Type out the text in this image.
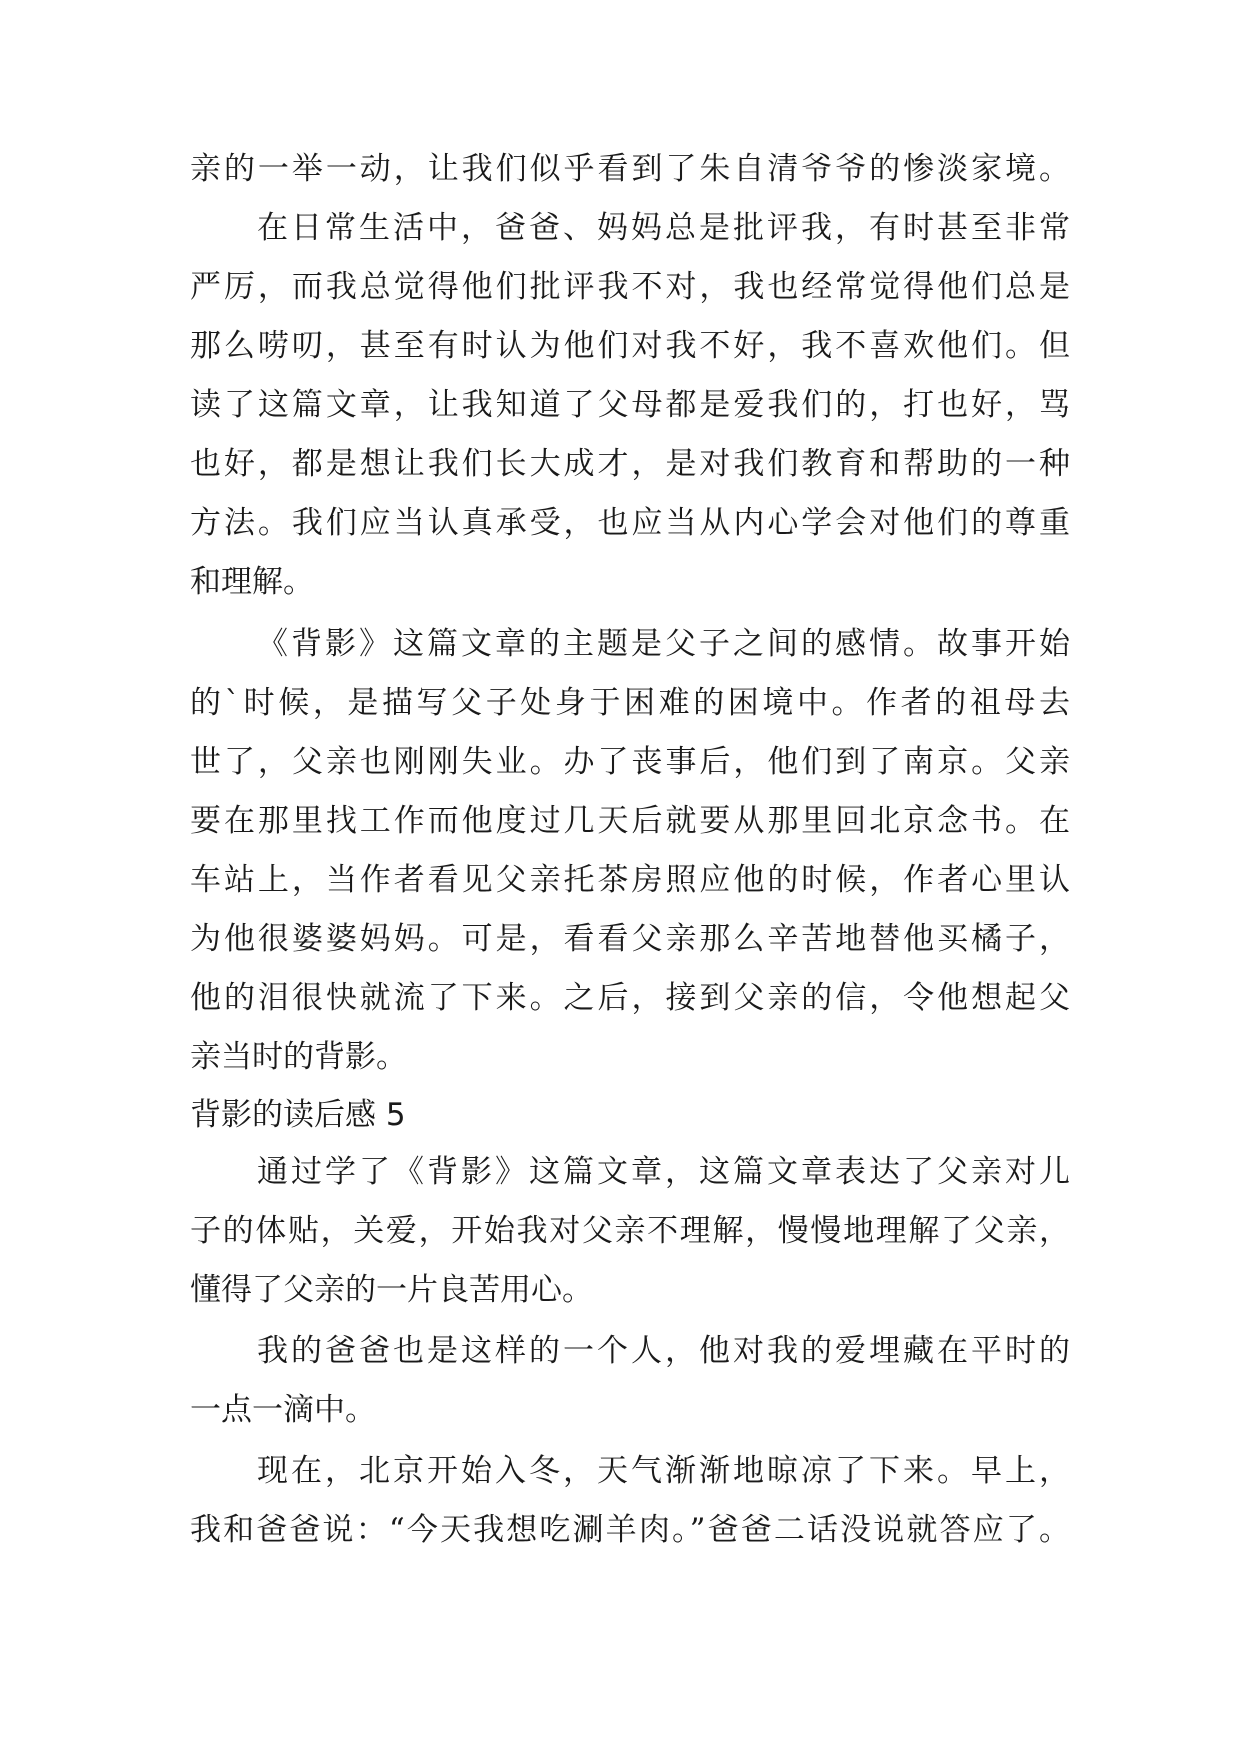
亲的一举一动，让我们似乎看到了朱自清爷爷的惨淡家境。
在日常生活中，爸爸、妈妈总是批评我，有时甚至非常
严厉，而我总觉得他们批评我不对，我也经常觉得他们总是
那么唠叨，甚至有时认为他们对我不好，我不喜欢他们。但
读了这篇文章，让我知道了父母都是爱我们的，打也好，骂
也好，都是想让我们长大成才，是对我们教育和帮助的一种
方法。我们应当认真承受，也应当从内心学会对他们的尊重
和理解。
《背影》这篇文章的主题是父子之间的感情。故事开始
的`时候，是描写父子处身于困难的困境中。作者的祖母去
世了，父亲也刚刚失业。办了丧事后，他们到了南京。父亲
要在那里找工作而他度过几天后就要从那里回北京念书。在
车站上，当作者看见父亲托茶房照应他的时候，作者心里认
为他很婆婆妈妈。可是，看看父亲那么辛苦地替他买橘子，
他的泪很快就流了下来。之后，接到父亲的信，令他想起父
亲当时的背影。
背影的读后感 5
通过学了《背影》这篇文章，这篇文章表达了父亲对儿
子的体贴，关爱，开始我对父亲不理解，慢慢地理解了父亲，
懂得了父亲的一片良苦用心。
我的爸爸也是这样的一个人，他对我的爱埋藏在平时的
一点一滴中。
现在，北京开始入冬，天气渐渐地晾凉了下来。早上，
我和爸爸说：“今天我想吃涮羊肉。”爸爸二话没说就答应了。
